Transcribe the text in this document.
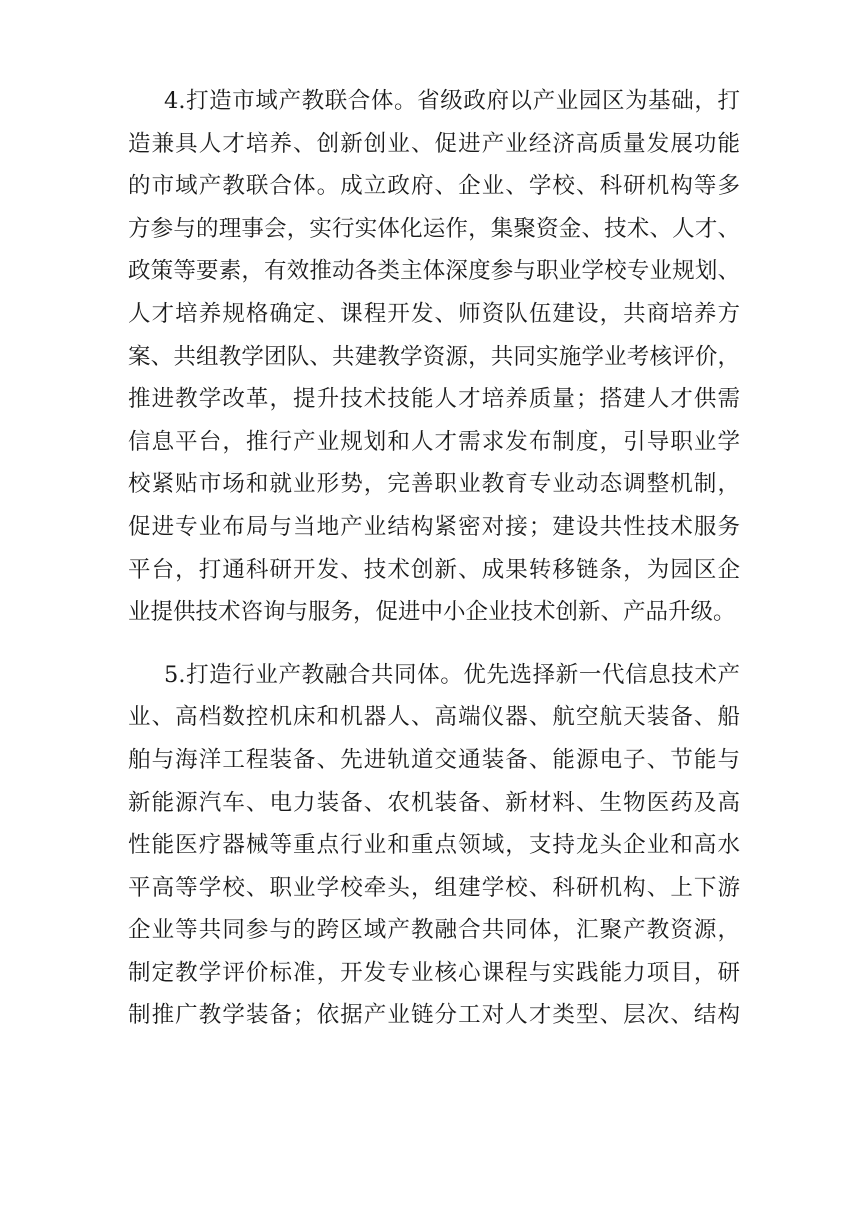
4.打造市域产教联合体。省级政府以产业园区为基础，打
造兼具人才培养、创新创业、促进产业经济高质量发展功能
的市域产教联合体。成立政府、企业、学校、科研机构等多
方参与的理事会，实行实体化运作，集聚资金、技术、人才、
政策等要素，有效推动各类主体深度参与职业学校专业规划、
人才培养规格确定、课程开发、师资队伍建设，共商培养方
案、共组教学团队、共建教学资源，共同实施学业考核评价，
推进教学改革，提升技术技能人才培养质量；搭建人才供需
信息平台，推行产业规划和人才需求发布制度，引导职业学
校紧贴市场和就业形势，完善职业教育专业动态调整机制，
促进专业布局与当地产业结构紧密对接；建设共性技术服务
平台，打通科研开发、技术创新、成果转移链条，为园区企
业提供技术咨询与服务，促进中小企业技术创新、产品升级。
5.打造行业产教融合共同体。优先选择新一代信息技术产
业、高档数控机床和机器人、高端仪器、航空航天装备、船
舶与海洋工程装备、先进轨道交通装备、能源电子、节能与
新能源汽车、电力装备、农机装备、新材料、生物医药及高
性能医疗器械等重点行业和重点领域，支持龙头企业和高水
平高等学校、职业学校牵头，组建学校、科研机构、上下游
企业等共同参与的跨区域产教融合共同体，汇聚产教资源，
制定教学评价标准，开发专业核心课程与实践能力项目，研
制推广教学装备；依据产业链分工对人才类型、层次、结构
